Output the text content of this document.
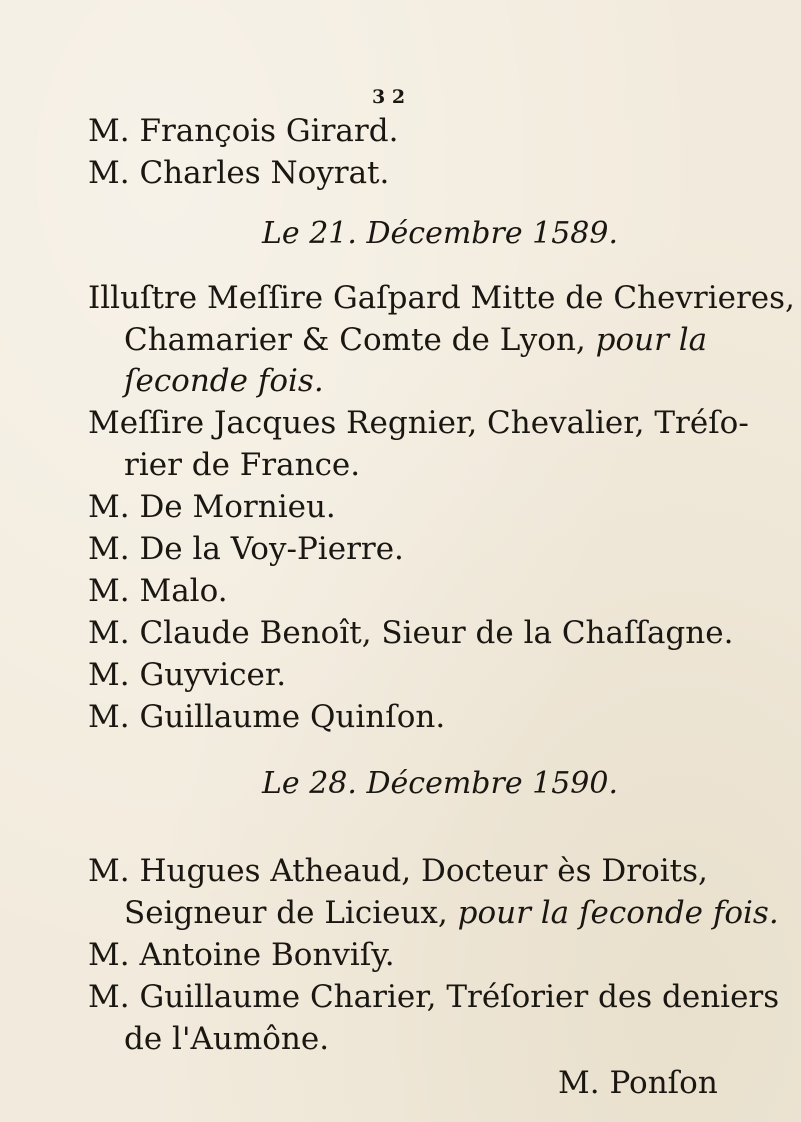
3 2
M. François Girard.
M. Charles Noyrat.
Le 21. Décembre 1589.
Illuſtre Meſſire Gaſpard Mitte de Chevrieres,
Chamarier & Comte de Lyon, pour la
ſeconde fois.
Meſſire Jacques Regnier, Chevalier, Tréſo-
rier de France.
M. De Mornieu.
M. De la Voy-Pierre.
M. Malo.
M. Claude Benoît, Sieur de la Chaſſagne.
M. Guyvicer.
M. Guillaume Quinſon.
Le 28. Décembre 1590.
M. Hugues Atheaud, Docteur ès Droits,
Seigneur de Licieux, pour la ſeconde fois.
M. Antoine Bonviſy.
M. Guillaume Charier, Tréſorier des deniers
de l'Aumône.
M. Ponſon
